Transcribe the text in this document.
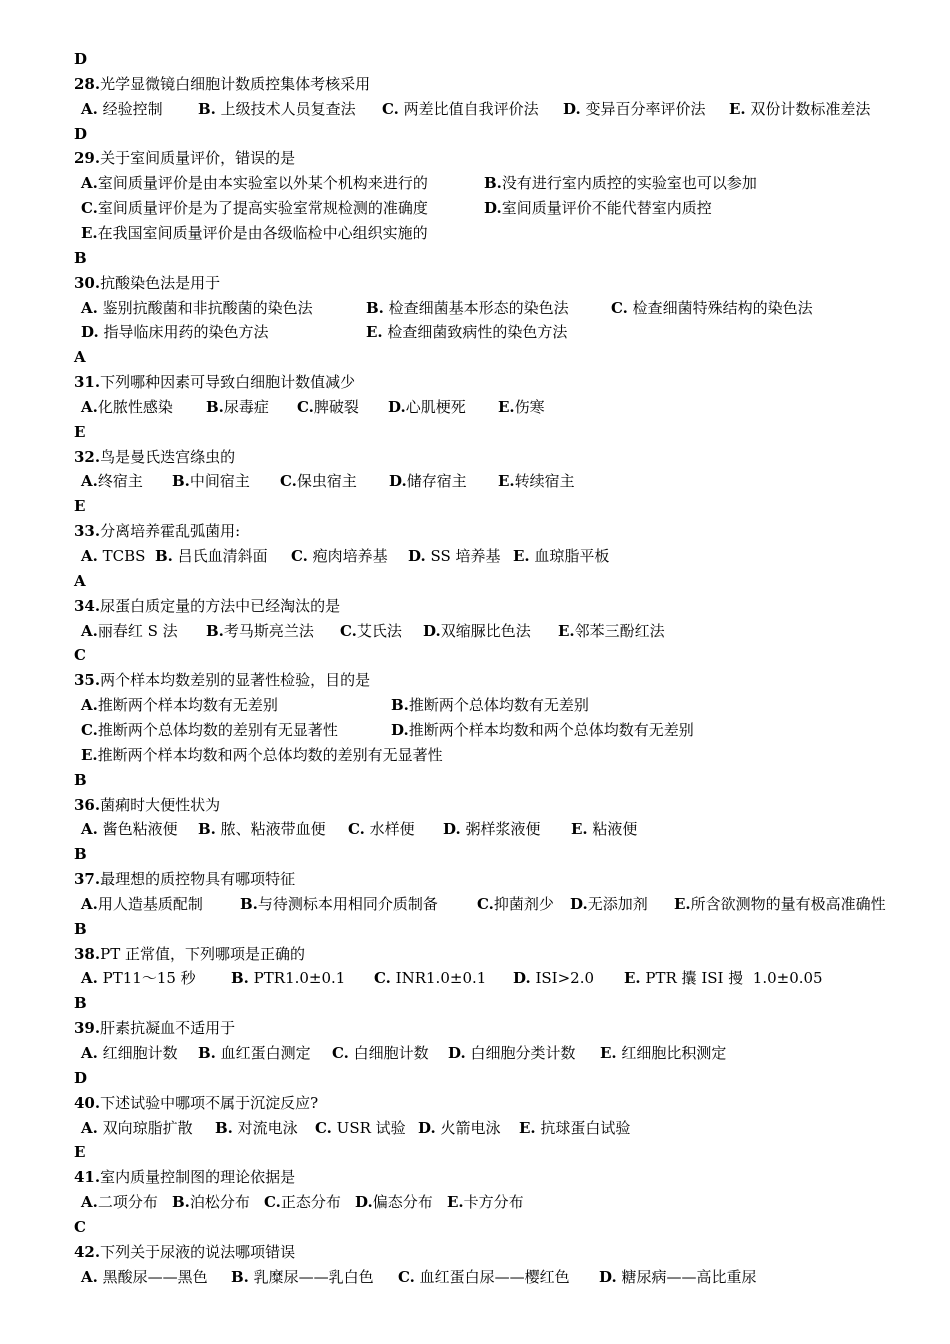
D
28.光学显微镜白细胞计数质控集体考核采用
A. 经验控制 B. 上级技术人员复查法 C. 两差比值自我评价法 D. 变异百分率评价法 E. 双份计数标准差法
D
29.关于室间质量评价，错误的是
A.室间质量评价是由本实验室以外某个机构来进行的	B.没有进行室内质控的实验室也可以参加
C.室间质量评价是为了提高实验室常规检测的准确度	D.室间质量评价不能代替室内质控
E.在我国室间质量评价是由各级临检中心组织实施的
B
30.抗酸染色法是用于
A. 鉴别抗酸菌和非抗酸菌的染色法	B. 检查细菌基本形态的染色法	C. 检查细菌特殊结构的染色法
D. 指导临床用药的染色方法	E. 检查细菌致病性的染色方法
A
31.下列哪种因素可导致白细胞计数值减少
A.化脓性感染 B.尿毒症 C.脾破裂 D.心肌梗死 E.伤寒
E
32.鸟是曼氏迭宫绦虫的
A.终宿主 B.中间宿主 C.保虫宿主 D.储存宿主 E.转续宿主
E
33.分离培养霍乱弧菌用:
A. TCBS B. 吕氏血清斜面 C. 疱肉培养基 D. SS 培养基 E. 血琼脂平板
A
34.尿蛋白质定量的方法中已经淘汰的是
A.丽春红 S 法 B.考马斯亮兰法 C.艾氏法 D.双缩脲比色法 E.邻苯三酚红法
C
35.两个样本均数差别的显著性检验，目的是
A.推断两个样本均数有无差别	B.推断两个总体均数有无差别
C.推断两个总体均数的差别有无显著性	D.推断两个样本均数和两个总体均数有无差别
E.推断两个样本均数和两个总体均数的差别有无显著性
B
36.菌痢时大便性状为
A. 酱色粘液便 B. 脓、粘液带血便 C. 水样便 D. 粥样浆液便 E. 粘液便
B
37.最理想的质控物具有哪项特征
A.用人造基质配制 B.与待测标本用相同介质制备	C.抑菌剂少 D.无添加剂 E.所含欲测物的量有极高准确性
B
38.PT 正常值，下列哪项是正确的
A. PT11～15 秒 B. PTR1.0±0.1 C. INR1.0±0.1 D. ISI>2.0 E. PTR 攮 ISI 摱  1.0±0.05
B
39.肝素抗凝血不适用于
A. 红细胞计数 B. 血红蛋白测定 C. 白细胞计数 D. 白细胞分类计数 E. 红细胞比积测定
D
40.下述试验中哪项不属于沉淀反应?
A. 双向琼脂扩散 B. 对流电泳 C. USR 试验 D. 火箭电泳 E. 抗球蛋白试验
E
41.室内质量控制图的理论依据是
A.二项分布 B.泊松分布 C.正态分布 D.偏态分布 E.卡方分布
C
42.下列关于尿液的说法哪项错误
A. 黑酸尿——黑色 B. 乳糜尿——乳白色 C. 血红蛋白尿——樱红色 D. 糖尿病——高比重尿
